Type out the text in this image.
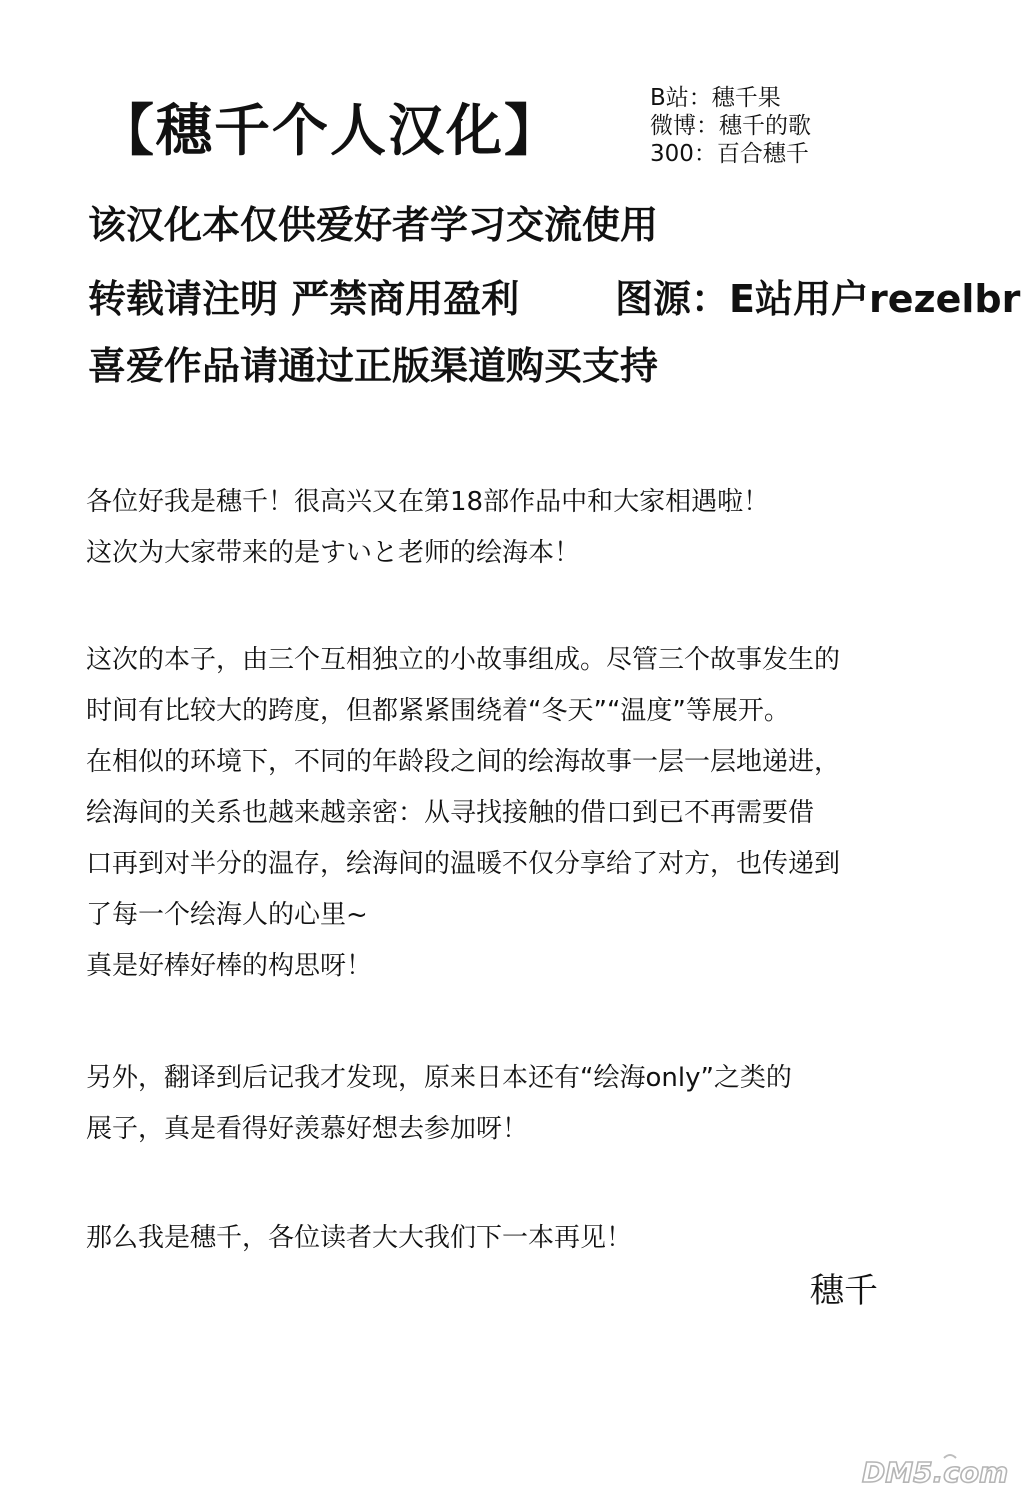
【穗千个人汉化】
B站：穗千果
微博：穗千的歌
300：百合穗千
该汉化本仅供爱好者学习交流使用
转载请注明 严禁商用盈利	图源：E站用户rezelbr
喜爱作品请通过正版渠道购买支持
各位好我是穗千！很高兴又在第18部作品中和大家相遇啦！
这次为大家带来的是すいと老师的绘海本！
这次的本子，由三个互相独立的小故事组成。尽管三个故事发生的
时间有比较大的跨度，但都紧紧围绕着“冬天”“温度”等展开。
在相似的环境下，不同的年龄段之间的绘海故事一层一层地递进，
绘海间的关系也越来越亲密：从寻找接触的借口到已不再需要借
口再到对半分的温存，绘海间的温暖不仅分享给了对方，也传递到
了每一个绘海人的心里~
真是好棒好棒的构思呀！
另外，翻译到后记我才发现，原来日本还有“绘海only”之类的
展子，真是看得好羡慕好想去参加呀！
那么我是穗千，各位读者大大我们下一本再见！
穗千
DM5.com
